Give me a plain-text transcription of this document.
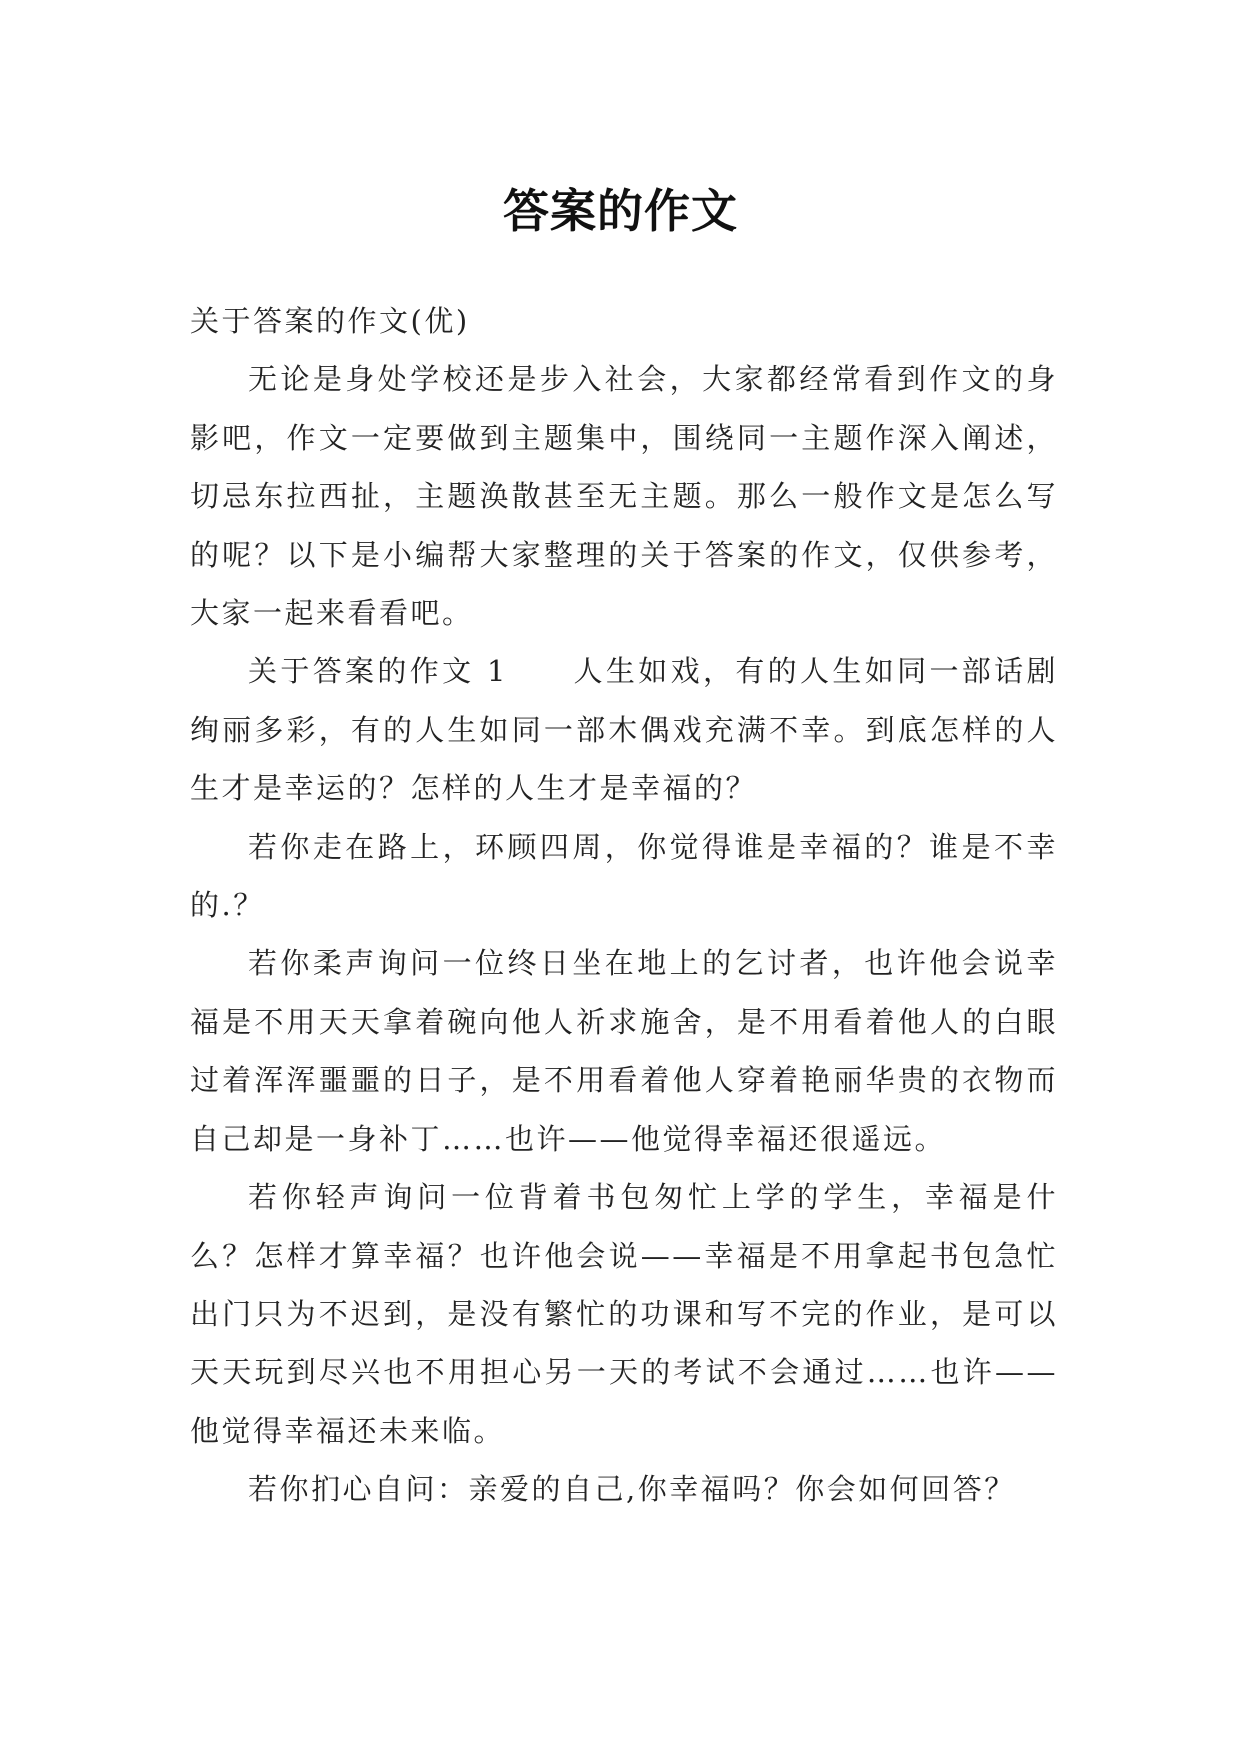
答案的作文

关于答案的作文(优)

无论是身处学校还是步入社会，大家都经常看到作文的身影吧，作文一定要做到主题集中，围绕同一主题作深入阐述，切忌东拉西扯，主题涣散甚至无主题。那么一般作文是怎么写的呢？以下是小编帮大家整理的关于答案的作文，仅供参考，大家一起来看看吧。

关于答案的作文 1　　人生如戏，有的人生如同一部话剧绚丽多彩，有的人生如同一部木偶戏充满不幸。到底怎样的人生才是幸运的？怎样的人生才是幸福的？

若你走在路上，环顾四周，你觉得谁是幸福的？谁是不幸的.？

若你柔声询问一位终日坐在地上的乞讨者，也许他会说幸福是不用天天拿着碗向他人祈求施舍，是不用看着他人的白眼过着浑浑噩噩的日子，是不用看着他人穿着艳丽华贵的衣物而自己却是一身补丁……也许——他觉得幸福还很遥远。

若你轻声询问一位背着书包匆忙上学的学生，幸福是什么？怎样才算幸福？也许他会说——幸福是不用拿起书包急忙出门只为不迟到，是没有繁忙的功课和写不完的作业，是可以天天玩到尽兴也不用担心另一天的考试不会通过……也许——他觉得幸福还未来临。

若你扪心自问：亲爱的自己,你幸福吗？你会如何回答？
